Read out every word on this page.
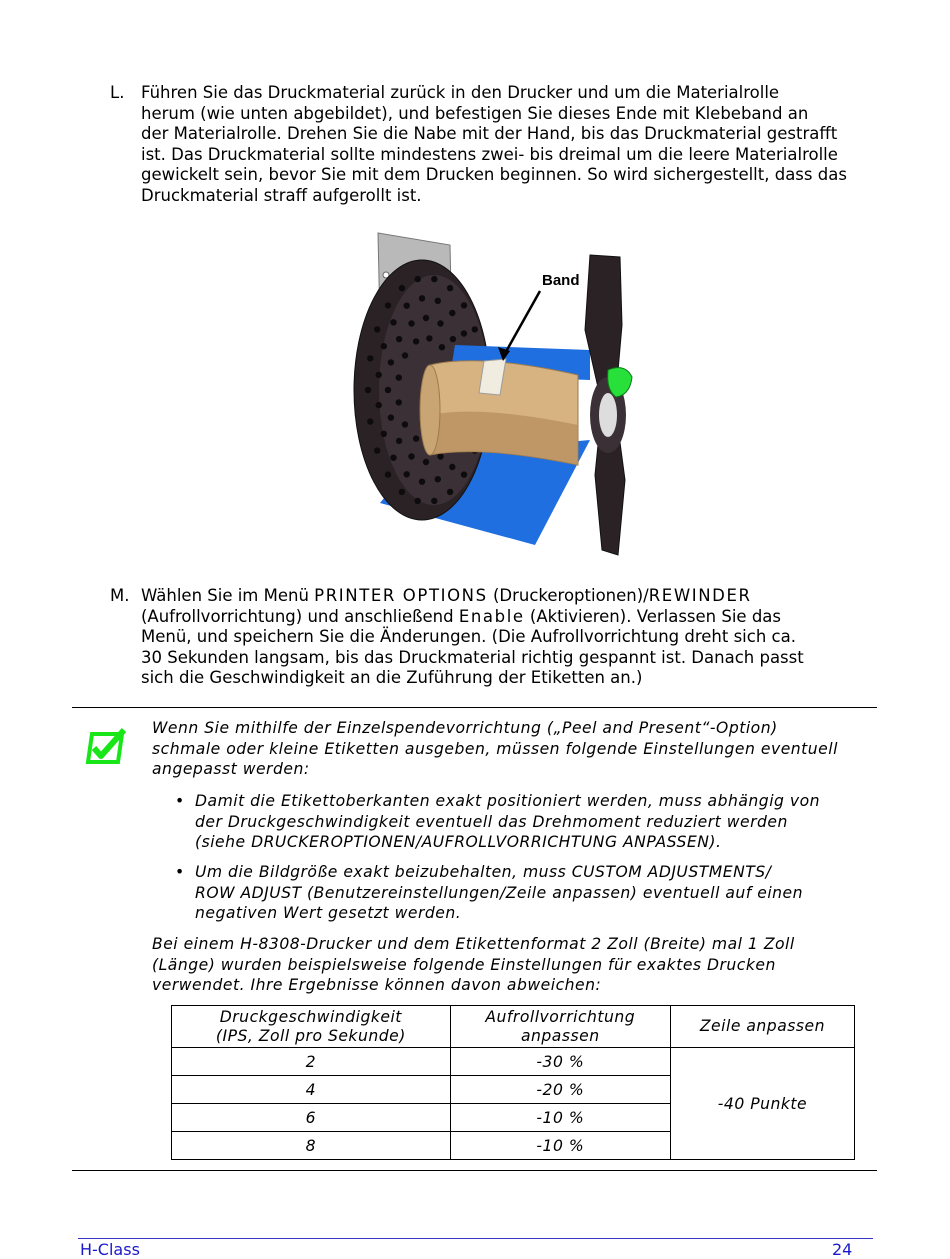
L. Führen Sie das Druckmaterial zurück in den Drucker und um die Materialrolle
herum (wie unten abgebildet), und befestigen Sie dieses Ende mit Klebeband an
der Materialrolle. Drehen Sie die Nabe mit der Hand, bis das Druckmaterial gestrafft
ist. Das Druckmaterial sollte mindestens zwei- bis dreimal um die leere Materialrolle
gewickelt sein, bevor Sie mit dem Drucken beginnen. So wird sichergestellt, dass das
Druckmaterial straff aufgerollt ist.
Band
M. Wählen Sie im Menü PRINTER OPTIONS (Druckeroptionen)/REWINDER
(Aufrollvorrichtung) und anschließend Enable (Aktivieren). Verlassen Sie das
Menü, und speichern Sie die Änderungen. (Die Aufrollvorrichtung dreht sich ca.
30 Sekunden langsam, bis das Druckmaterial richtig gespannt ist. Danach passt
sich die Geschwindigkeit an die Zuführung der Etiketten an.)
Wenn Sie mithilfe der Einzelspendevorrichtung („Peel and Present“-Option)
schmale oder kleine Etiketten ausgeben, müssen folgende Einstellungen eventuell
angepasst werden:
• Damit die Etikettoberkanten exakt positioniert werden, muss abhängig von
der Druckgeschwindigkeit eventuell das Drehmoment reduziert werden
(siehe DRUCKEROPTIONEN/AUFROLLVORRICHTUNG ANPASSEN).
• Um die Bildgröße exakt beizubehalten, muss CUSTOM ADJUSTMENTS/
ROW ADJUST (Benutzereinstellungen/Zeile anpassen) eventuell auf einen
negativen Wert gesetzt werden.
Bei einem H-8308-Drucker und dem Etikettenformat 2 Zoll (Breite) mal 1 Zoll
(Länge) wurden beispielsweise folgende Einstellungen für exaktes Drucken
verwendet. Ihre Ergebnisse können davon abweichen:
Druckgeschwindigkeit
(IPS, Zoll pro Sekunde)	Aufrollvorrichtung
anpassen	Zeile anpassen

2	-30 %	-40 Punkte
4	-20 %	
6	-10 %	
8	-10 %	
H-Class	24
